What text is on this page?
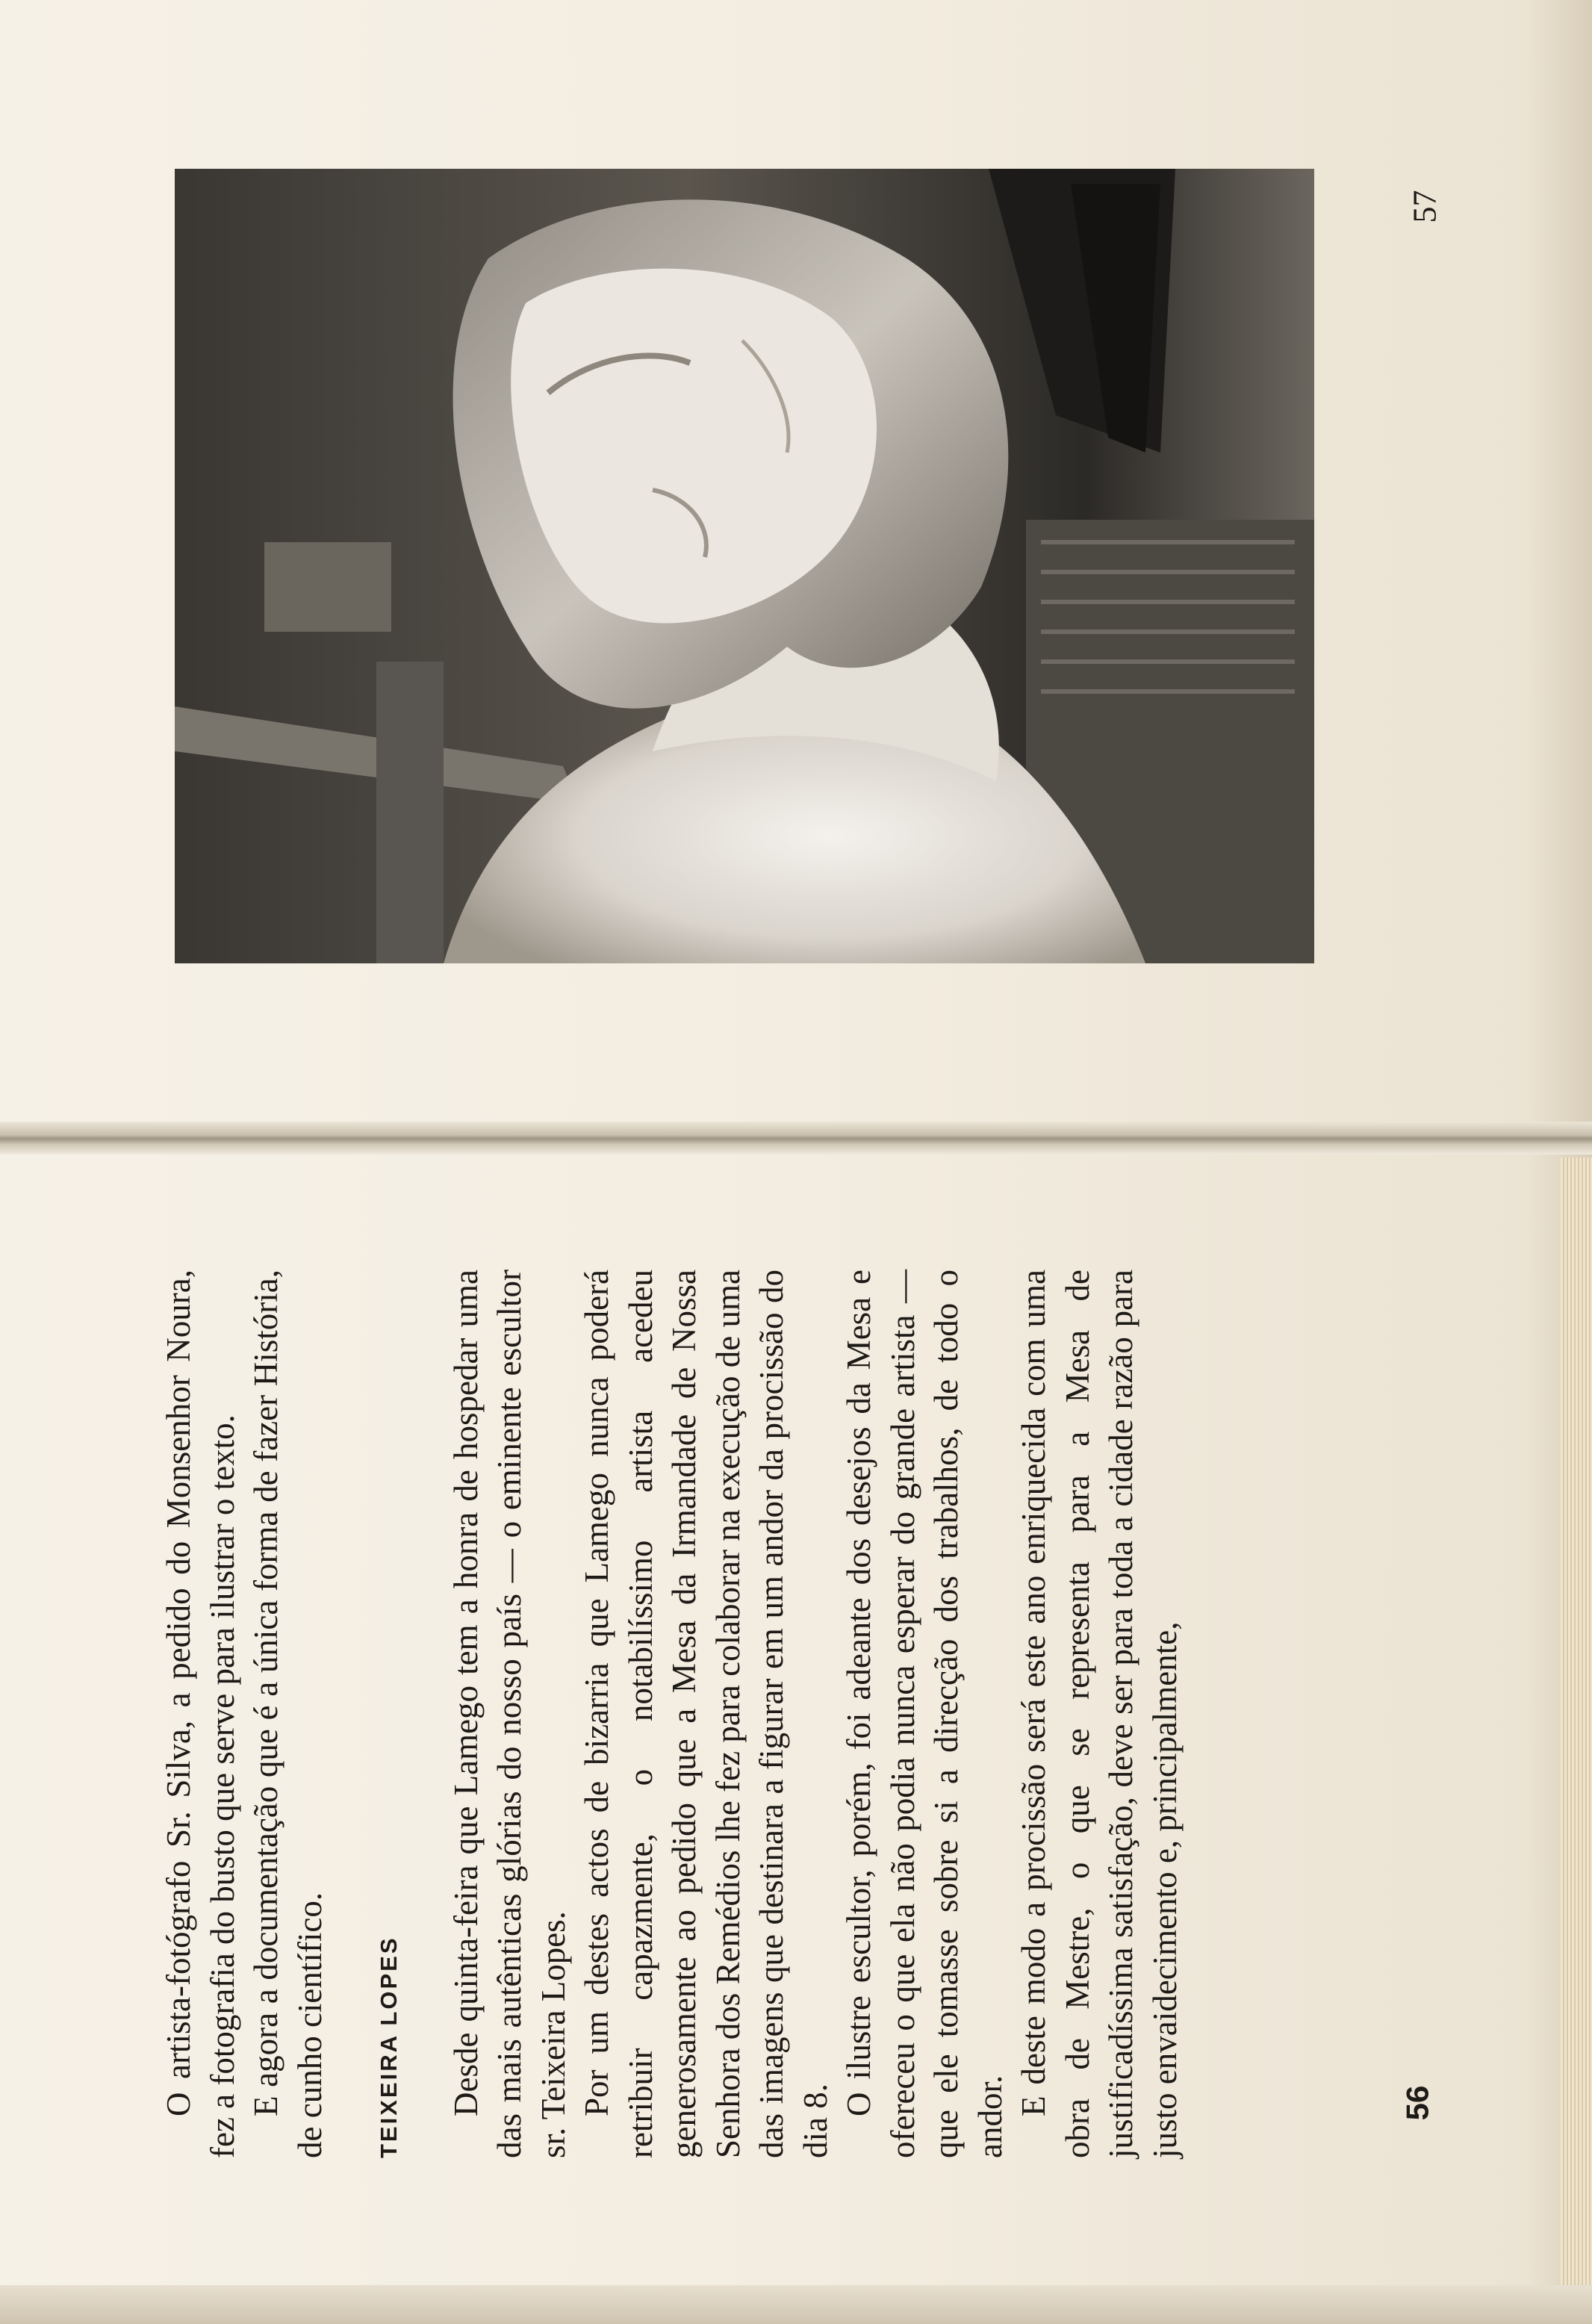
57

O artista-fotógrafo Sr. Silva, a pedido do Monsenhor Noura, fez a fotografia do busto que serve para ilustrar o texto. E agora a documentação que é a única forma de fazer História, de cunho científico.	TEIXEIRA LOPES Desde quinta-feira que Lamego tem a honra de hospedar uma das mais autênticas glórias do nosso país — o eminente escultor sr. Teixeira Lopes. Por um destes actos de bizarria que Lamego nunca poderá retribuir capazmente, o notabilíssimo artista acedeu generosamente ao pedido que a Mesa da Irmandade de Nossa Senhora dos Remédios lhe fez para colaborar na execução de uma das imagens que destinara a figurar em um andor da procissão do dia 8.

O ilustre escultor, porém, foi adeante dos desejos da Mesa e ofereceu o que ela não podia nunca esperar do grande artista — que ele tomasse sobre si a direcção dos trabalhos, de todo o andor.

E deste modo a procissão será este ano enriquecida com uma obra de Mestre, o que se representa para a Mesa de justificadíssima satisfação, deve ser para toda a cidade razão para justo envaidecimento e, principalmente,	56
